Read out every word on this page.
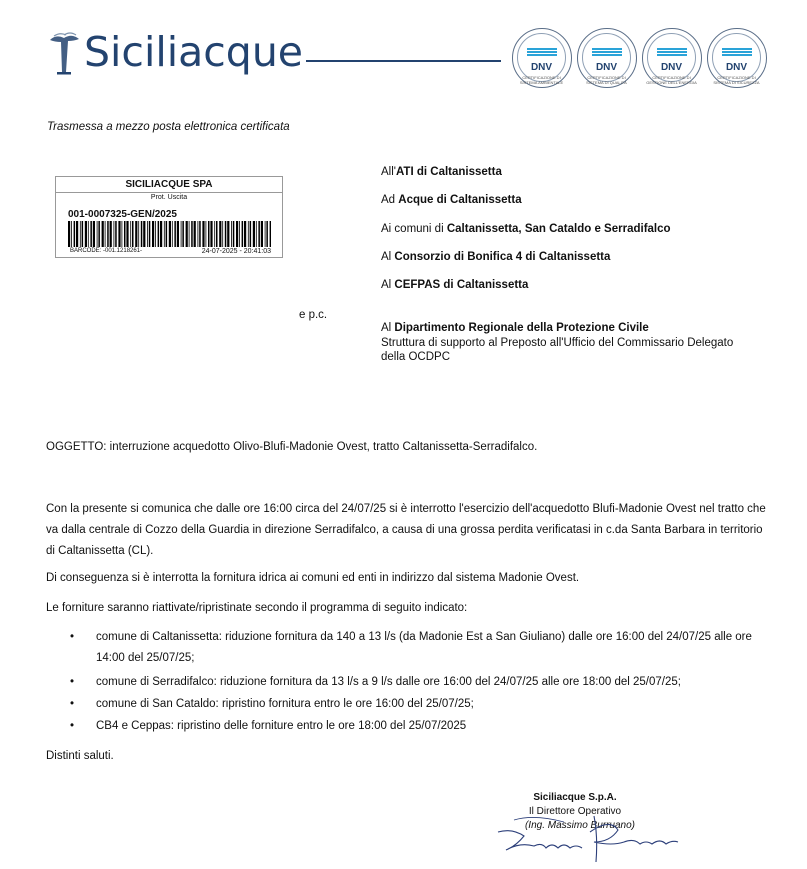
Siciliacque	DNV
CERTIFICAZIONE DI SISTEMA AMBIENTALE
DNV
CERTIFICAZIONE DI SISTEMA DI QUALITÀ
DNV
CERTIFICAZIONE DI GESTIONE DELL'ENERGIA
DNV
CERTIFICAZIONE DI SISTEMA DI SICUREZZA
Trasmessa a mezzo posta elettronica certificata
SICILIACQUE SPA
Prot. Uscita
001-0007325-GEN/2025
BARCODE: -001.1218261-	24-07-2025 - 20:41:03
All'ATI di Caltanissetta
Ad Acque di Caltanissetta
Ai comuni di Caltanissetta, San Cataldo e Serradifalco
Al Consorzio di Bonifica 4 di Caltanissetta
Al CEFPAS di Caltanissetta
e p.c.
Al Dipartimento Regionale della Protezione Civile
Struttura di supporto al Preposto all'Ufficio del Commissario Delegato
della OCDPC
OGGETTO: interruzione acquedotto Olivo-Blufi-Madonie Ovest, tratto Caltanissetta-Serradifalco.
Con la presente si comunica che dalle ore 16:00 circa del 24/07/25 si è interrotto l'esercizio dell'acquedotto Blufi-Madonie Ovest nel tratto che va dalla centrale di Cozzo della Guardia in direzione Serradifalco, a causa di una grossa perdita verificatasi in c.da Santa Barbara in territorio di Caltanissetta (CL).
Di conseguenza si è interrotta la fornitura idrica ai comuni ed enti in indirizzo dal sistema Madonie Ovest.
Le forniture saranno riattivate/ripristinate secondo il programma di seguito indicato:
• comune di Caltanissetta: riduzione fornitura da 140 a 13 l/s (da Madonie Est a San Giuliano) dalle ore 16:00 del 24/07/25 alle ore 14:00 del 25/07/25;
• comune di Serradifalco: riduzione fornitura da 13 l/s a 9 l/s dalle ore 16:00 del 24/07/25 alle ore 18:00 del 25/07/25;
• comune di San Cataldo: ripristino fornitura entro le ore 16:00 del 25/07/25;
• CB4 e Ceppas: ripristino delle forniture entro le ore 18:00 del 25/07/2025
Distinti saluti.
Siciliacque S.p.A.
Il Direttore Operativo
(Ing. Massimo Burruano)
